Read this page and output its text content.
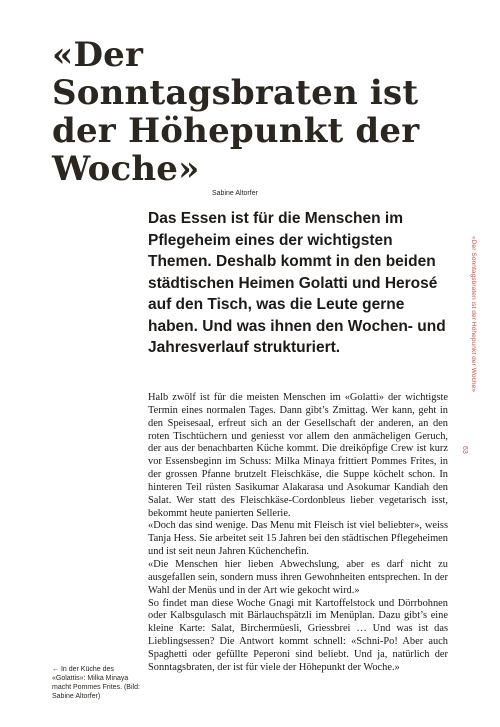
«Der Sonntagsbraten ist der Höhepunkt der Woche»
Sabine Altorfer

Das Essen ist für die Menschen im Pflegeheim eines der wichtigsten Themen. Deshalb kommt in den beiden städtischen Heimen Golatti und Herosé auf den Tisch, was die Leute gerne haben. Und was ihnen den Wochen- und Jahresverlauf strukturiert.

Halb zwölf ist für die meisten Menschen im «Golatti» der wichtigste Termin eines normalen Tages. Dann gibt’s Zmittag. Wer kann, geht in den Speisesaal, erfreut sich an der Gesellschaft der anderen, an den roten Tischtüchern und geniesst vor allem den anmächeligen Geruch, der aus der benachbarten Küche kommt. Die dreiköpfige Crew ist kurz vor Essensbeginn im Schuss: Milka Minaya frittiert Pommes Frites, in der grossen Pfanne brutzelt Fleischkäse, die Suppe köchelt schon. In hinteren Teil rüsten Sasikumar Alakarasa und Asokumar Kandiah den Salat. Wer statt des Fleischkäse-Cordonbleus lieber vegetarisch isst, bekommt heute panierten Sellerie.

«Doch das sind wenige. Das Menu mit Fleisch ist viel beliebter», weiss Tanja Hess. Sie arbeitet seit 15 Jahren bei den städtischen Pflegeheimen und ist seit neun Jahren Küchenchefin.

«Die Menschen hier lieben Abwechslung, aber es darf nicht zu ausgefallen sein, sondern muss ihren Gewohnheiten entsprechen. In der Wahl der Menüs und in der Art wie gekocht wird.»

So findet man diese Woche Gnagi mit Kartoffelstock und Dörrbohnen oder Kalbsgulasch mit Bärlauchspätzli im Menüplan. Dazu gibt’s eine kleine Karte: Salat, Birchermüesli, Griessbrei … Und was ist das Lieblingsessen? Die Antwort kommt schnell: «Schni-Po! Aber auch Spaghetti oder gefüllte Peperoni sind beliebt. Und ja, natürlich der Sonntagsbraten, der ist für viele der Höhepunkt der Woche.»

← In der Küche des «Golattis»: Milka Minaya macht Pommes Frites. (Bild: Sabine Altorfer)
«Der Sonntagsbraten ist der Höhepunkt der Woche»
63
